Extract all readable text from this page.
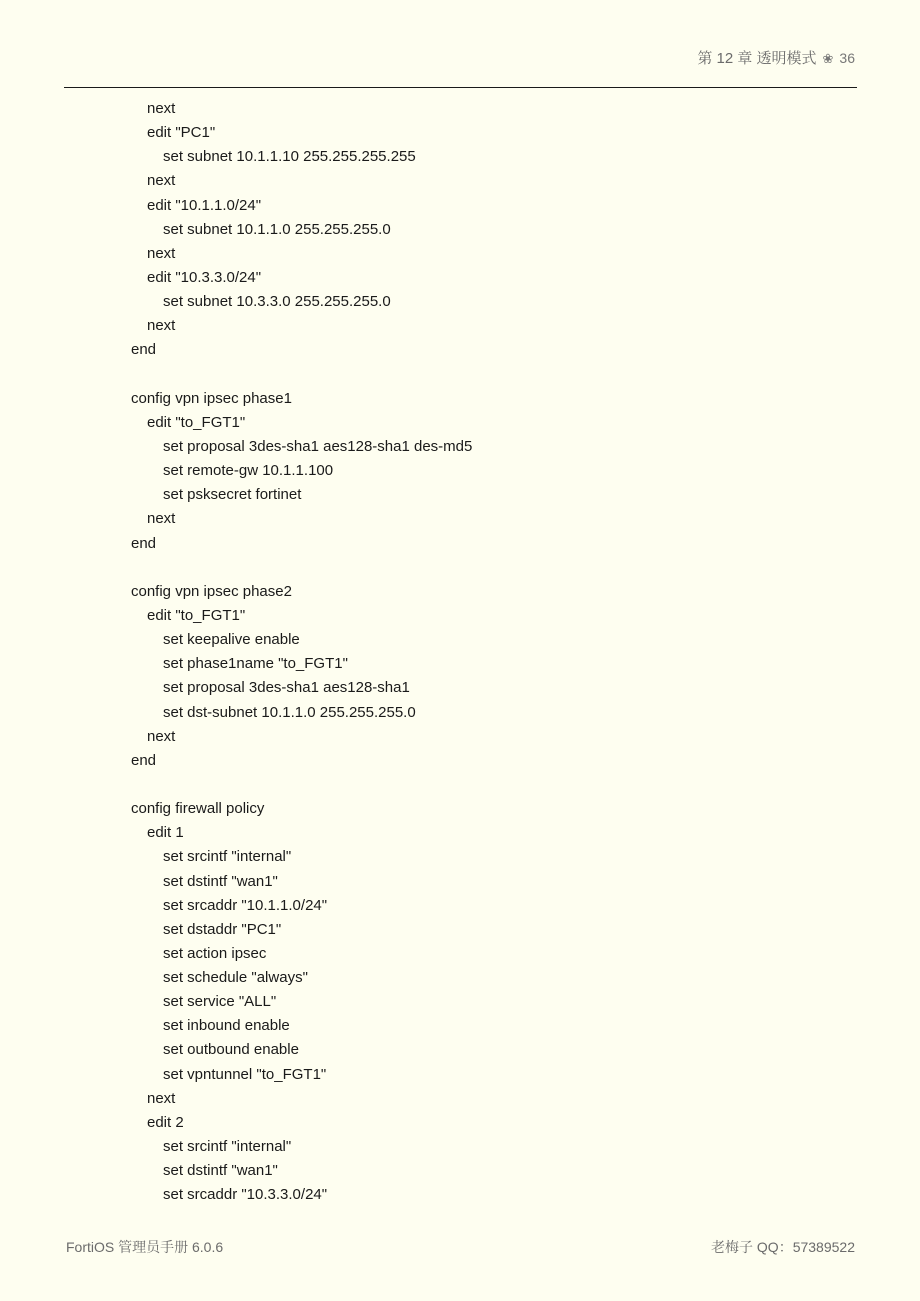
第 12 章 透明模式 ❀ 36
next
edit "PC1"
set subnet 10.1.1.10 255.255.255.255
next
edit "10.1.1.0/24"
set subnet 10.1.1.0 255.255.255.0
next
edit "10.3.3.0/24"
set subnet 10.3.3.0 255.255.255.0
next
end
config vpn ipsec phase1
edit "to_FGT1"
set proposal 3des-sha1 aes128-sha1 des-md5
set remote-gw 10.1.1.100
set psksecret fortinet
next
end
config vpn ipsec phase2
edit "to_FGT1"
set keepalive enable
set phase1name "to_FGT1"
set proposal 3des-sha1 aes128-sha1
set dst-subnet 10.1.1.0 255.255.255.0
next
end
config firewall policy
edit 1
set srcintf "internal"
set dstintf "wan1"
set srcaddr "10.1.1.0/24"
set dstaddr "PC1"
set action ipsec
set schedule "always"
set service "ALL"
set inbound enable
set outbound enable
set vpntunnel "to_FGT1"
next
edit 2
set srcintf "internal"
set dstintf "wan1"
set srcaddr "10.3.3.0/24"
FortiOS 管理员手册 6.0.6	老梅子 QQ：57389522
